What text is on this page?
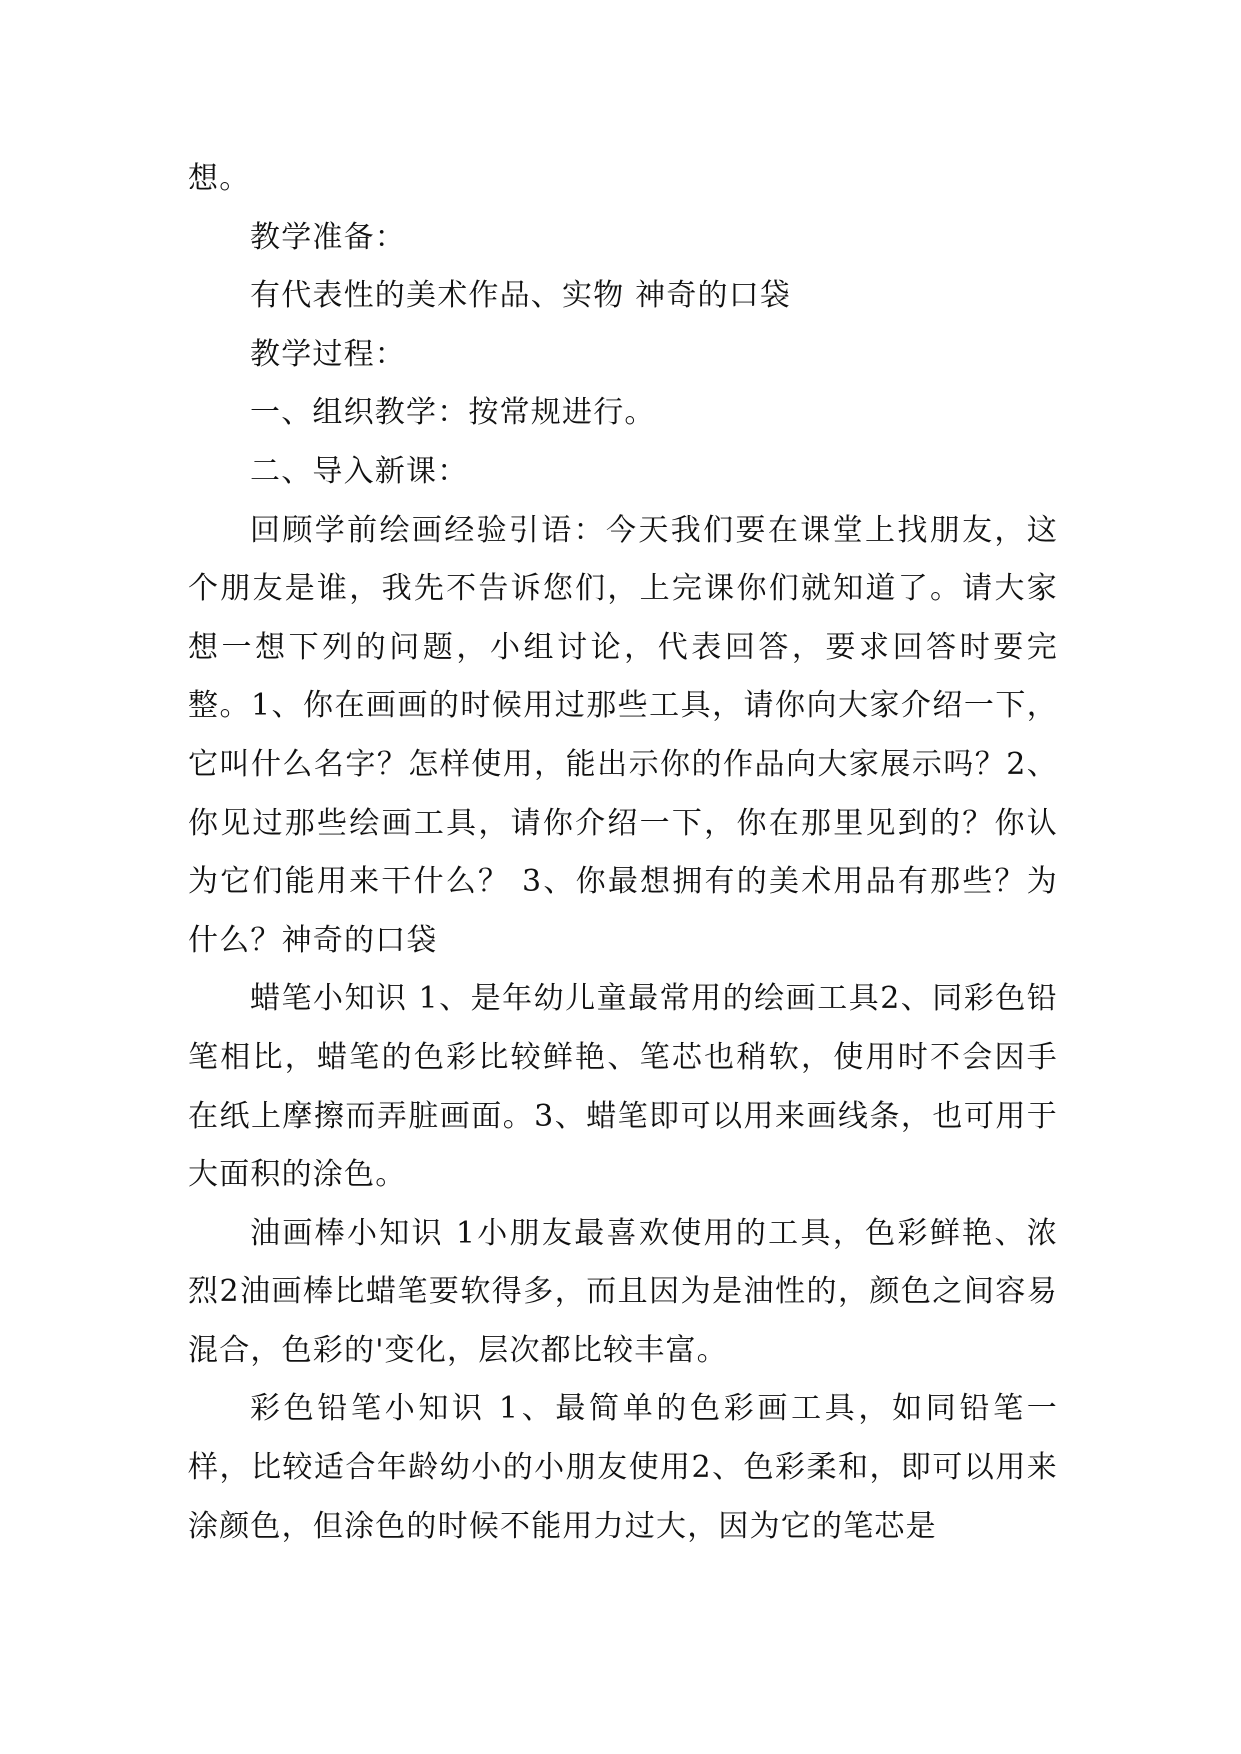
想。

教学准备：

有代表性的美术作品、实物 神奇的口袋

教学过程：

一、组织教学：按常规进行。

二、导入新课：

回顾学前绘画经验引语：今天我们要在课堂上找朋友，这个朋友是谁，我先不告诉您们，上完课你们就知道了。请大家想一想下列的问题，小组讨论，代表回答，要求回答时要完整。1、你在画画的时候用过那些工具，请你向大家介绍一下，它叫什么名字？怎样使用，能出示你的作品向大家展示吗？2、你见过那些绘画工具，请你介绍一下，你在那里见到的？你认为它们能用来干什么？ 3、你最想拥有的美术用品有那些？为什么？神奇的口袋

蜡笔小知识 1、是年幼儿童最常用的绘画工具2、同彩色铅笔相比，蜡笔的色彩比较鲜艳、笔芯也稍软，使用时不会因手在纸上摩擦而弄脏画面。3、蜡笔即可以用来画线条，也可用于大面积的涂色。

油画棒小知识 1小朋友最喜欢使用的工具，色彩鲜艳、浓烈2油画棒比蜡笔要软得多，而且因为是油性的，颜色之间容易混合，色彩的'变化，层次都比较丰富。

彩色铅笔小知识 1、最简单的色彩画工具，如同铅笔一样，比较适合年龄幼小的小朋友使用2、色彩柔和，即可以用来涂颜色，但涂色的时候不能用力过大，因为它的笔芯是
